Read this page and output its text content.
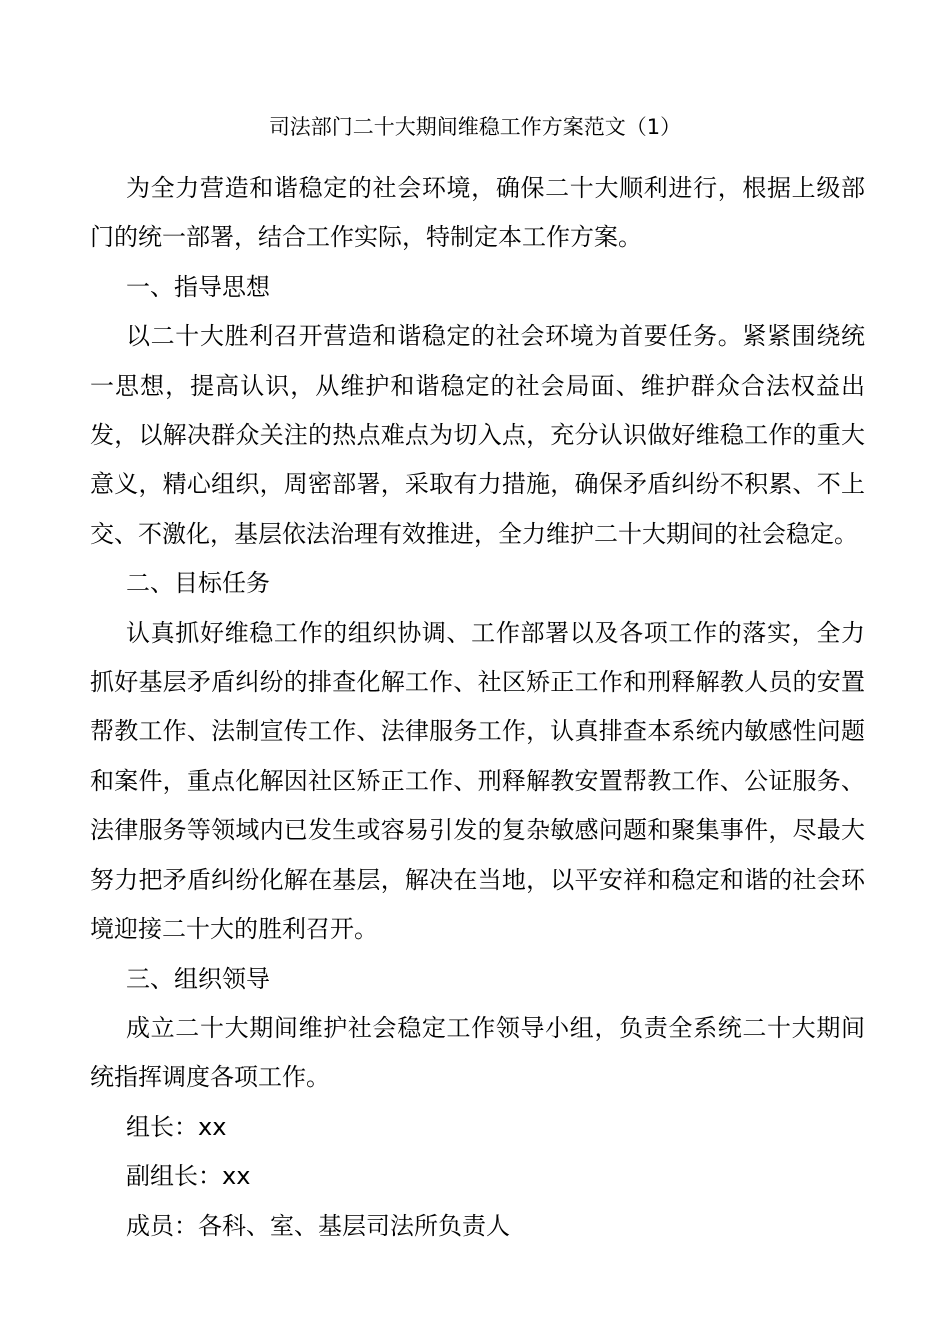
司法部门二十大期间维稳工作方案范文（1）

为全力营造和谐稳定的社会环境，确保二十大顺利进行，根据上级部门的统一部署，结合工作实际，特制定本工作方案。

一、指导思想

以二十大胜利召开营造和谐稳定的社会环境为首要任务。紧紧围绕统一思想，提高认识，从维护和谐稳定的社会局面、维护群众合法权益出发，以解决群众关注的热点难点为切入点，充分认识做好维稳工作的重大意义，精心组织，周密部署，采取有力措施，确保矛盾纠纷不积累、不上交、不激化，基层依法治理有效推进，全力维护二十大期间的社会稳定。

二、目标任务

认真抓好维稳工作的组织协调、工作部署以及各项工作的落实，全力抓好基层矛盾纠纷的排查化解工作、社区矫正工作和刑释解教人员的安置帮教工作、法制宣传工作、法律服务工作，认真排查本系统内敏感性问题和案件，重点化解因社区矫正工作、刑释解教安置帮教工作、公证服务、法律服务等领域内已发生或容易引发的复杂敏感问题和聚集事件，尽最大努力把矛盾纠纷化解在基层，解决在当地，以平安祥和稳定和谐的社会环境迎接二十大的胜利召开。

三、组织领导

成立二十大期间维护社会稳定工作领导小组，负责全系统二十大期间统指挥调度各项工作。

组长：xx

副组长：xx

成员：各科、室、基层司法所负责人
